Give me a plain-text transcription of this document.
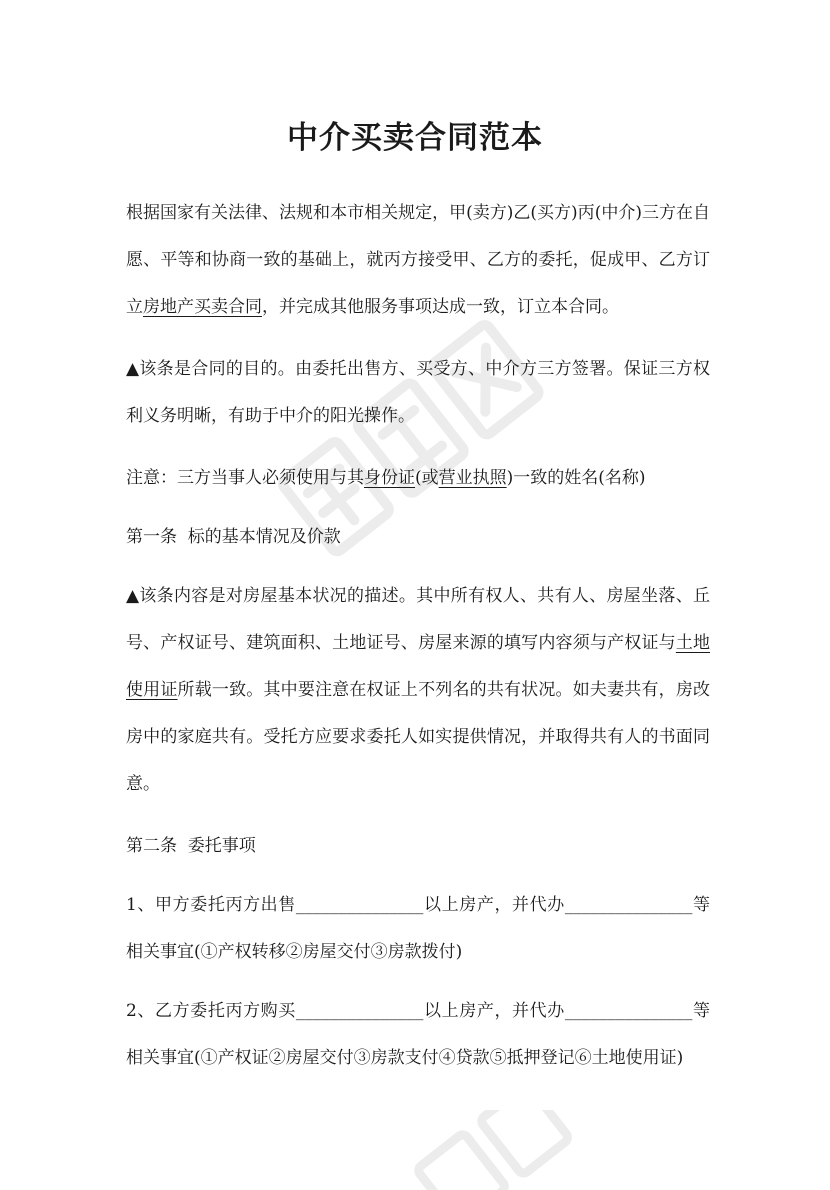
中介买卖合同范本

根据国家有关法律、法规和本市相关规定，甲(卖方)乙(买方)丙(中介)三方在自愿、平等和协商一致的基础上，就丙方接受甲、乙方的委托，促成甲、乙方订立房地产买卖合同，并完成其他服务事项达成一致，订立本合同。

▲该条是合同的目的。由委托出售方、买受方、中介方三方签署。保证三方权利义务明晰，有助于中介的阳光操作。

注意：三方当事人必须使用与其身份证(或营业执照)一致的姓名(名称)

第一条  标的基本情况及价款

▲该条内容是对房屋基本状况的描述。其中所有权人、共有人、房屋坐落、丘号、产权证号、建筑面积、土地证号、房屋来源的填写内容须与产权证与土地使用证所载一致。其中要注意在权证上不列名的共有状况。如夫妻共有，房改房中的家庭共有。受托方应要求委托人如实提供情况，并取得共有人的书面同意。

第二条  委托事项

1、甲方委托丙方出售_______________以上房产，并代办_______________等相关事宜(①产权转移②房屋交付③房款拨付)

2、乙方委托丙方购买_______________以上房产，并代办_______________等相关事宜(①产权证②房屋交付③房款支付④贷款⑤抵押登记⑥土地使用证)
